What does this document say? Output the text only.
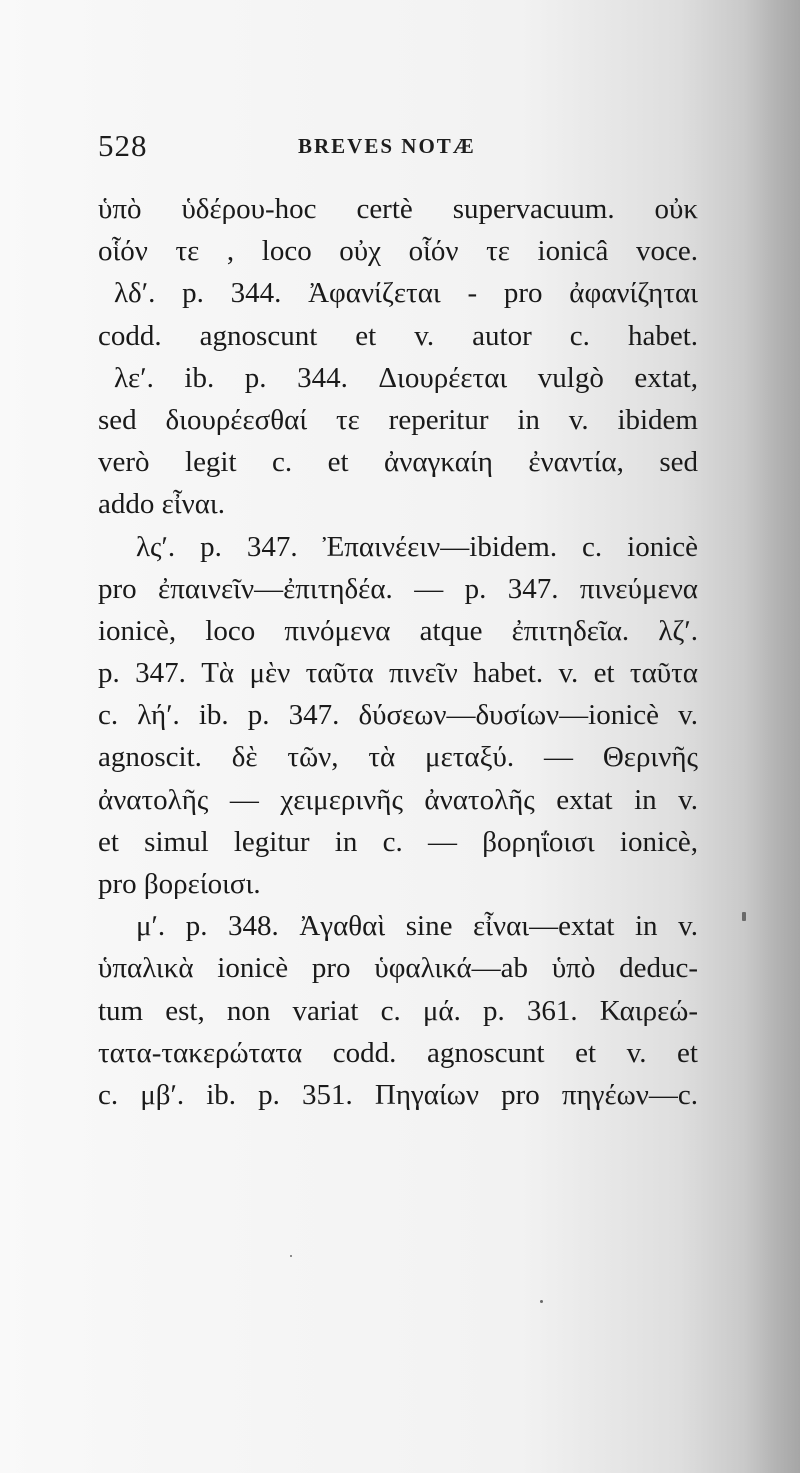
528	BREVES NOTÆ
ὑπὸ ὑδέρου-hoc certè supervacuum. οὐκ
οἷόν τε , loco οὐχ οἷόν τε ionicâ voce.
λδʹ. p. 344. Ἀφανίζεται - pro ἀφανίζηται
codd. agnoscunt et v. autor c. habet.
λεʹ. ib. p. 344. Διουρέεται vulgò extat,
sed διουρέεσθαί τε reperitur in v. ibidem
verò legit c. et ἀναγκαίη ἐναντία, sed
addo εἶναι.
λςʹ. p. 347. Ἐπαινέειν—ibidem. c. ionicè
pro ἐπαινεῖν—ἐπιτηδέα. — p. 347. πινεύμενα
ionicè, loco πινόμενα atque ἐπιτηδεῖα. λζʹ.
p. 347. Τὰ μὲν ταῦτα πινεῖν habet. v. et ταῦτα
c. λήʹ. ib. p. 347. δύσεων—δυσίων—ionicè v.
agnoscit. δὲ τῶν, τὰ μεταξύ. — Θερινῆς
ἀνατολῆς — χειμερινῆς ἀνατολῆς extat in v.
et simul legitur in c. — βορηΐοισι ionicè,
pro βορείοισι.
μʹ. p. 348. Ἀγαθαὶ sine εἶναι—extat in v.
ὑπαλικὰ ionicè pro ὑφαλικά—ab ὑπὸ deduc-
tum est, non variat c. μά. p. 361. Καιρεώ-
τατα-τακερώτατα codd. agnoscunt et v. et
c. μβʹ. ib. p. 351. Πηγαίων pro πηγέων—c.
